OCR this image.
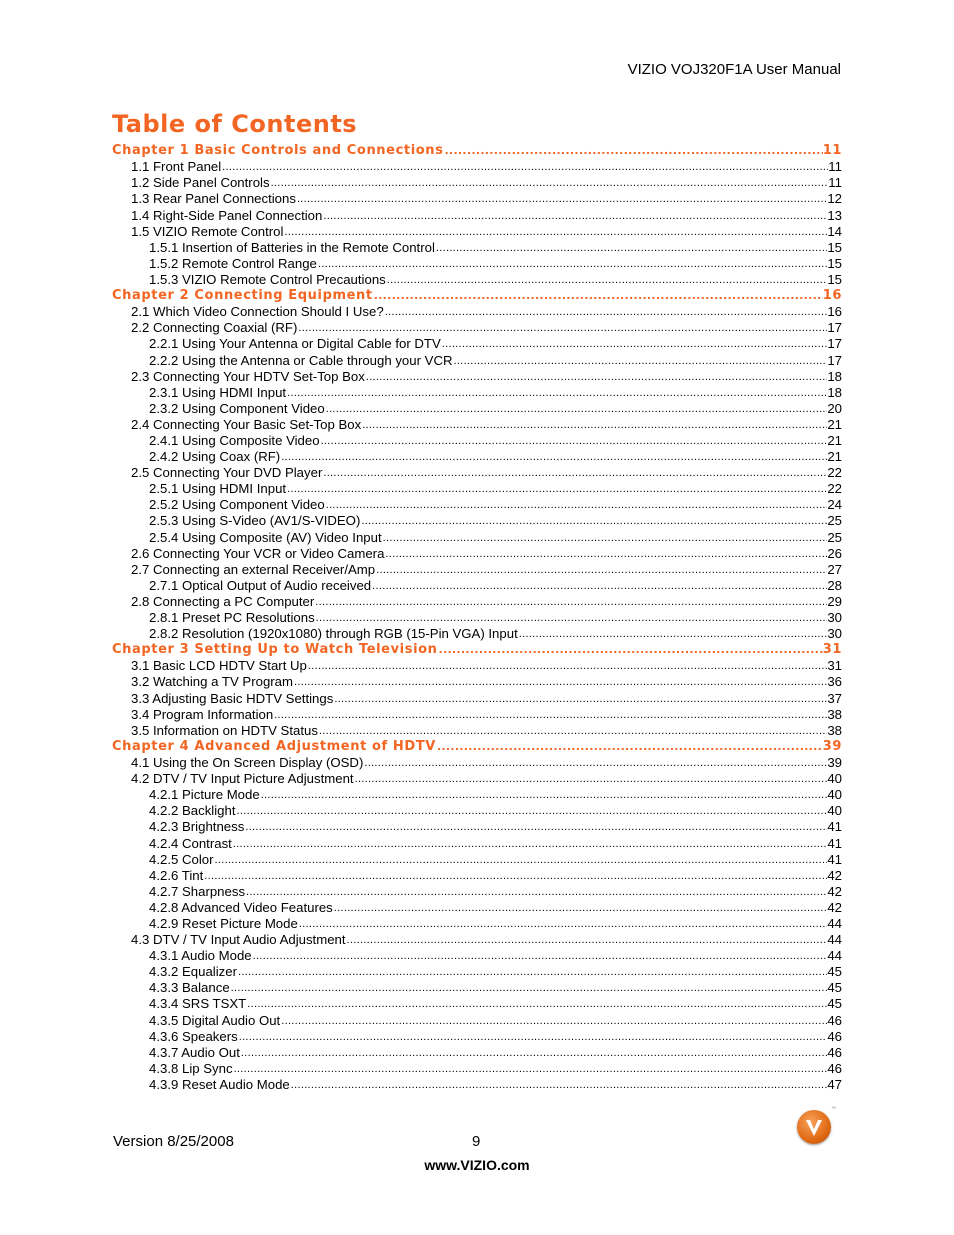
VIZIO VOJ320F1A User Manual
Table of Contents
Chapter 1 Basic Controls and Connections .....	11
1.1 Front Panel .....	11
1.2 Side Panel Controls .....	11
1.3 Rear Panel Connections .....	12
1.4 Right-Side Panel Connection .....	13
1.5 VIZIO Remote Control .....	14
1.5.1 Insertion of Batteries in the Remote Control .....	15
1.5.2 Remote Control Range .....	15
1.5.3 VIZIO Remote Control Precautions .....	15
Chapter 2 Connecting Equipment .....	16
2.1 Which Video Connection Should I Use? .....	16
2.2 Connecting Coaxial (RF) .....	17
2.2.1 Using Your Antenna or Digital Cable for DTV .....	17
2.2.2 Using the Antenna or Cable through your VCR .....	17
2.3 Connecting Your HDTV Set-Top Box .....	18
2.3.1 Using HDMI Input .....	18
2.3.2 Using Component Video .....	20
2.4 Connecting Your Basic Set-Top Box .....	21
2.4.1 Using Composite Video .....	21
2.4.2 Using Coax (RF) .....	21
2.5 Connecting Your DVD Player .....	22
2.5.1 Using HDMI Input .....	22
2.5.2 Using Component Video .....	24
2.5.3 Using S-Video (AV1/S-VIDEO) .....	25
2.5.4 Using Composite (AV) Video Input .....	25
2.6 Connecting Your VCR or Video Camera .....	26
2.7 Connecting an external Receiver/Amp .....	27
2.7.1 Optical Output of Audio received .....	28
2.8 Connecting a PC Computer .....	29
2.8.1 Preset PC Resolutions .....	30
2.8.2 Resolution (1920x1080) through RGB (15-Pin VGA) Input .....	30
Chapter 3 Setting Up to Watch Television .....	31
3.1 Basic LCD HDTV Start Up .....	31
3.2 Watching a TV Program .....	36
3.3 Adjusting Basic HDTV Settings .....	37
3.4 Program Information .....	38
3.5 Information on HDTV Status .....	38
Chapter 4 Advanced Adjustment of HDTV .....	39
4.1 Using the On Screen Display (OSD) .....	39
4.2 DTV / TV Input Picture Adjustment .....	40
4.2.1 Picture Mode .....	40
4.2.2 Backlight .....	40
4.2.3 Brightness .....	41
4.2.4 Contrast .....	41
4.2.5 Color .....	41
4.2.6 Tint .....	42
4.2.7 Sharpness .....	42
4.2.8 Advanced Video Features .....	42
4.2.9 Reset Picture Mode .....	44
4.3 DTV / TV Input Audio Adjustment .....	44
4.3.1 Audio Mode .....	44
4.3.2 Equalizer .....	45
4.3.3 Balance .....	45
4.3.4 SRS TSXT .....	45
4.3.5 Digital Audio Out .....	46
4.3.6 Speakers .....	46
4.3.7 Audio Out .....	46
4.3.8 Lip Sync .....	46
4.3.9 Reset Audio Mode .....	47
Version 8/25/2008	9
www.VIZIO.com
™
